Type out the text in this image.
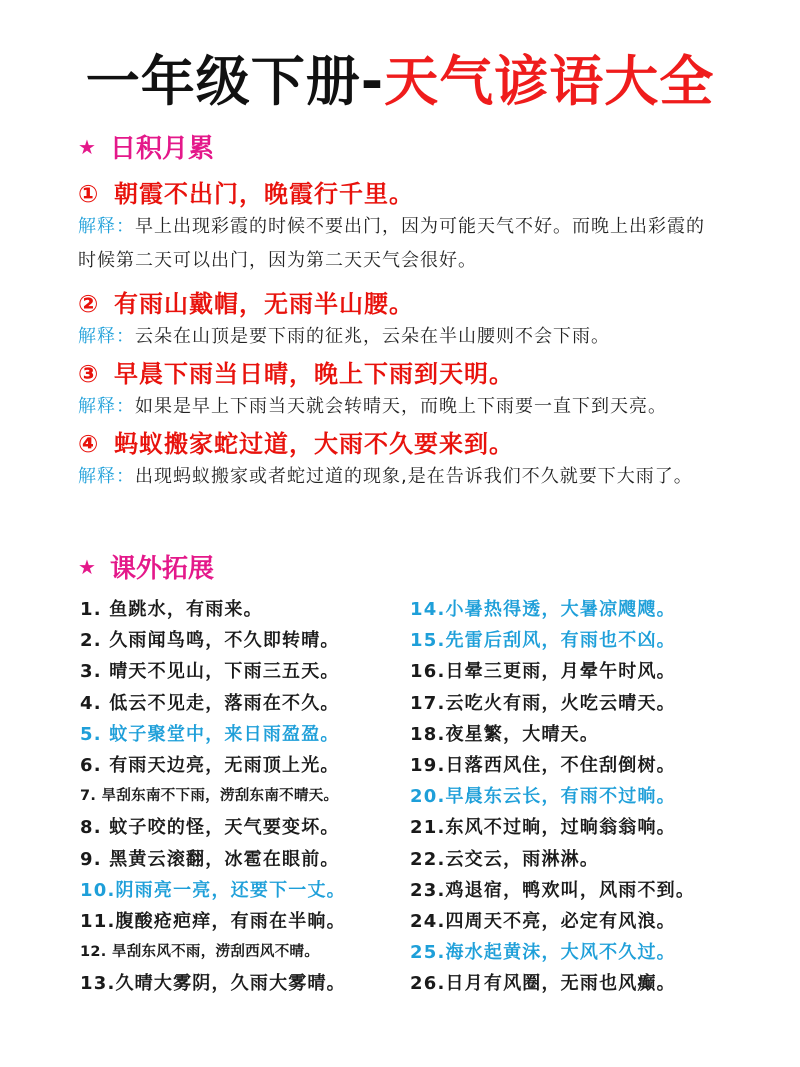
一年级下册-天气谚语大全
★ 日积月累
① 朝霞不出门，晚霞行千里。
解释：早上出现彩霞的时候不要出门，因为可能天气不好。而晚上出彩霞的时候第二天可以出门，因为第二天天气会很好。
② 有雨山戴帽，无雨半山腰。
解释：云朵在山顶是要下雨的征兆，云朵在半山腰则不会下雨。
③ 早晨下雨当日晴，晚上下雨到天明。
解释：如果是早上下雨当天就会转晴天，而晚上下雨要一直下到天亮。
④ 蚂蚁搬家蛇过道，大雨不久要来到。
解释：出现蚂蚁搬家或者蛇过道的现象,是在告诉我们不久就要下大雨了。
★ 课外拓展
1. 鱼跳水，有雨来。
2. 久雨闻鸟鸣，不久即转晴。
3. 晴天不见山，下雨三五天。
4. 低云不见走，落雨在不久。
5. 蚊子聚堂中，来日雨盈盈。
6. 有雨天边亮，无雨顶上光。
7. 旱刮东南不下雨，涝刮东南不晴天。
8. 蚊子咬的怪，天气要变坏。
9. 黑黄云滚翻，冰雹在眼前。
10.阴雨亮一亮，还要下一丈。
11.腹酸疮疤痒，有雨在半晌。
12. 旱刮东风不雨，涝刮西风不晴。
13.久晴大雾阴，久雨大雾晴。
14.小暑热得透，大暑凉飕飕。
15.先雷后刮风，有雨也不凶。
16.日晕三更雨，月晕午时风。
17.云吃火有雨，火吃云晴天。
18.夜星繁，大晴天。
19.日落西风住，不住刮倒树。
20.早晨东云长，有雨不过晌。
21.东风不过晌，过晌翁翁响。
22.云交云，雨淋淋。
23.鸡退宿，鸭欢叫，风雨不到。
24.四周天不亮，必定有风浪。
25.海水起黄沫，大风不久过。
26.日月有风圈，无雨也风癫。
